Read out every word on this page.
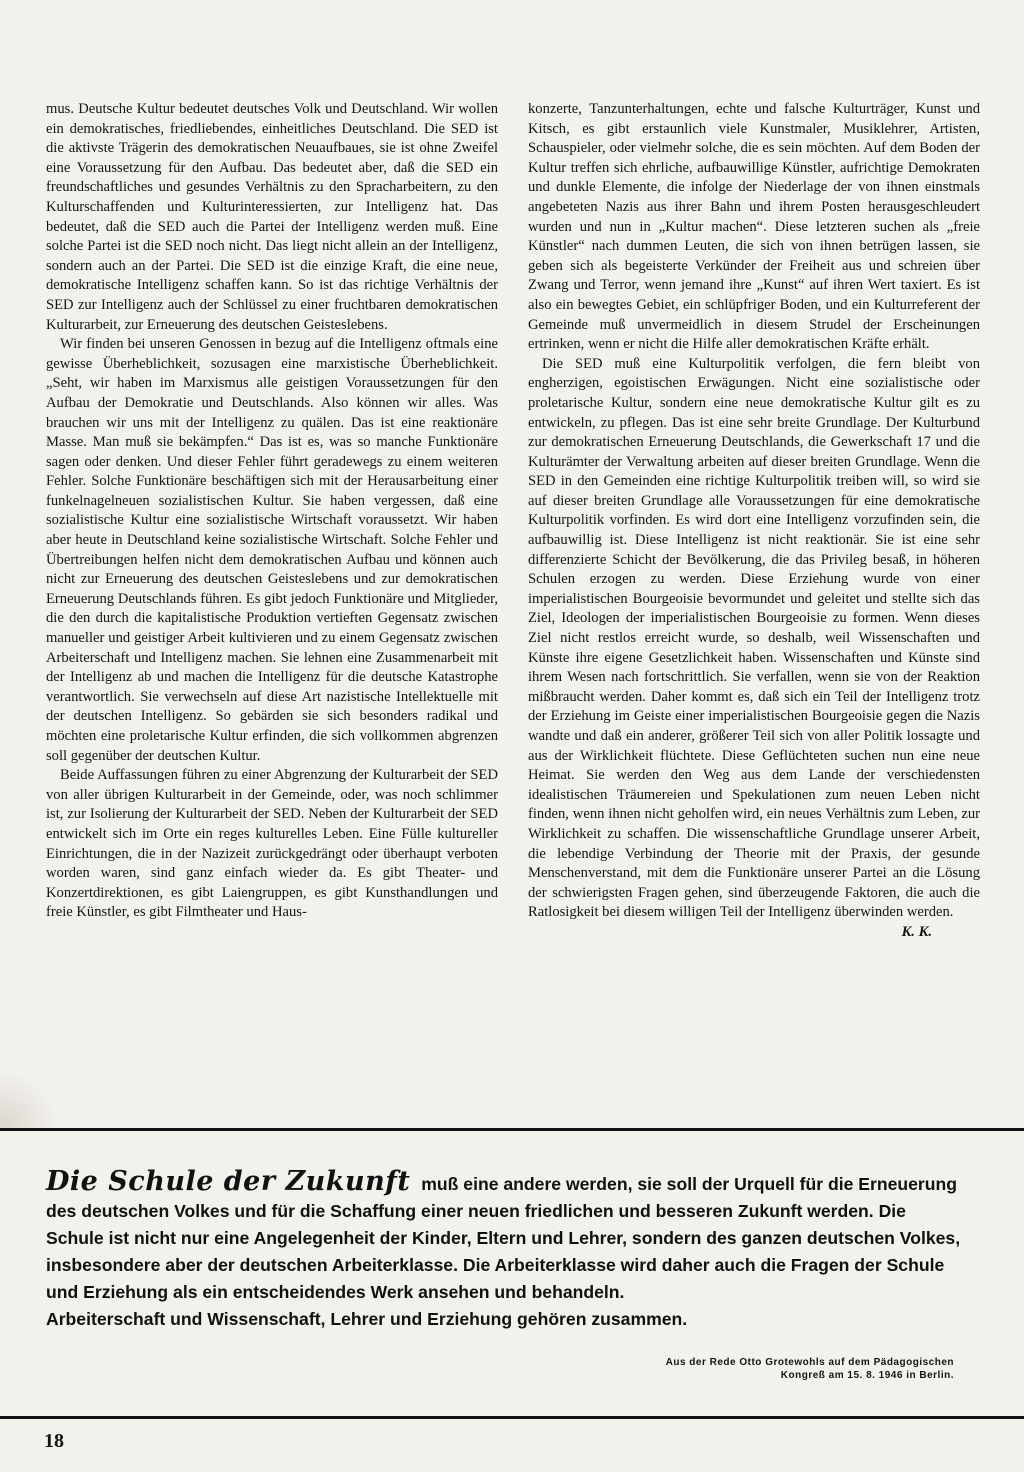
mus. Deutsche Kultur bedeutet deutsches Volk und Deutschland. Wir wollen ein demokratisches, friedliebendes, einheitliches Deutschland. Die SED ist die aktivste Trägerin des demokratischen Neuaufbaues, sie ist ohne Zweifel eine Voraussetzung für den Aufbau. Das bedeutet aber, daß die SED ein freundschaftliches und gesundes Verhältnis zu den Spracharbeitern, zu den Kulturschaffenden und Kulturinteressierten, zur Intelligenz hat. Das bedeutet, daß die SED auch die Partei der Intelligenz werden muß. Eine solche Partei ist die SED noch nicht. Das liegt nicht allein an der Intelligenz, sondern auch an der Partei. Die SED ist die einzige Kraft, die eine neue, demokratische Intelligenz schaffen kann. So ist das richtige Verhältnis der SED zur Intelligenz auch der Schlüssel zu einer fruchtbaren demokratischen Kulturarbeit, zur Erneuerung des deutschen Geisteslebens.

Wir finden bei unseren Genossen in bezug auf die Intelligenz oftmals eine gewisse Überheblichkeit, sozusagen eine marxistische Überheblichkeit. „Seht, wir haben im Marxismus alle geistigen Voraussetzungen für den Aufbau der Demokratie und Deutschlands. Also können wir alles. Was brauchen wir uns mit der Intelligenz zu quälen. Das ist eine reaktionäre Masse. Man muß sie bekämpfen.“ Das ist es, was so manche Funktionäre sagen oder denken. Und dieser Fehler führt geradewegs zu einem weiteren Fehler. Solche Funktionäre beschäftigen sich mit der Herausarbeitung einer funkelnagelneuen sozialistischen Kultur. Sie haben vergessen, daß eine sozialistische Kultur eine sozialistische Wirtschaft voraussetzt. Wir haben aber heute in Deutschland keine sozialistische Wirtschaft. Solche Fehler und Übertreibungen helfen nicht dem demokratischen Aufbau und können auch nicht zur Erneuerung des deutschen Geisteslebens und zur demokratischen Erneuerung Deutschlands führen. Es gibt jedoch Funktionäre und Mitglieder, die den durch die kapitalistische Produktion vertieften Gegensatz zwischen manueller und geistiger Arbeit kultivieren und zu einem Gegensatz zwischen Arbeiterschaft und Intelligenz machen. Sie lehnen eine Zusammenarbeit mit der Intelligenz ab und machen die Intelligenz für die deutsche Katastrophe verantwortlich. Sie verwechseln auf diese Art nazistische Intellektuelle mit der deutschen Intelligenz. So gebärden sie sich besonders radikal und möchten eine proletarische Kultur erfinden, die sich vollkommen abgrenzen soll gegenüber der deutschen Kultur.

Beide Auffassungen führen zu einer Abgrenzung der Kulturarbeit der SED von aller übrigen Kulturarbeit in der Gemeinde, oder, was noch schlimmer ist, zur Isolierung der Kulturarbeit der SED. Neben der Kulturarbeit der SED entwickelt sich im Orte ein reges kulturelles Leben. Eine Fülle kultureller Einrichtungen, die in der Nazizeit zurückgedrängt oder überhaupt verboten worden waren, sind ganz einfach wieder da. Es gibt Theater- und Konzertdirektionen, es gibt Laiengruppen, es gibt Kunsthandlungen und freie Künstler, es gibt Filmtheater und Haus-

konzerte, Tanzunterhaltungen, echte und falsche Kulturträger, Kunst und Kitsch, es gibt erstaunlich viele Kunstmaler, Musiklehrer, Artisten, Schauspieler, oder vielmehr solche, die es sein möchten. Auf dem Boden der Kultur treffen sich ehrliche, aufbauwillige Künstler, aufrichtige Demokraten und dunkle Elemente, die infolge der Niederlage der von ihnen einstmals angebeteten Nazis aus ihrer Bahn und ihrem Posten herausgeschleudert wurden und nun in „Kultur machen“. Diese letzteren suchen als „freie Künstler“ nach dummen Leuten, die sich von ihnen betrügen lassen, sie geben sich als begeisterte Verkünder der Freiheit aus und schreien über Zwang und Terror, wenn jemand ihre „Kunst“ auf ihren Wert taxiert. Es ist also ein bewegtes Gebiet, ein schlüpfriger Boden, und ein Kulturreferent der Gemeinde muß unvermeidlich in diesem Strudel der Erscheinungen ertrinken, wenn er nicht die Hilfe aller demokratischen Kräfte erhält.

Die SED muß eine Kulturpolitik verfolgen, die fern bleibt von engherzigen, egoistischen Erwägungen. Nicht eine sozialistische oder proletarische Kultur, sondern eine neue demokratische Kultur gilt es zu entwickeln, zu pflegen. Das ist eine sehr breite Grundlage. Der Kulturbund zur demokratischen Erneuerung Deutschlands, die Gewerkschaft 17 und die Kulturämter der Verwaltung arbeiten auf dieser breiten Grundlage. Wenn die SED in den Gemeinden eine richtige Kulturpolitik treiben will, so wird sie auf dieser breiten Grundlage alle Voraussetzungen für eine demokratische Kulturpolitik vorfinden. Es wird dort eine Intelligenz vorzufinden sein, die aufbauwillig ist. Diese Intelligenz ist nicht reaktionär. Sie ist eine sehr differenzierte Schicht der Bevölkerung, die das Privileg besaß, in höheren Schulen erzogen zu werden. Diese Erziehung wurde von einer imperialistischen Bourgeoisie bevormundet und geleitet und stellte sich das Ziel, Ideologen der imperialistischen Bourgeoisie zu formen. Wenn dieses Ziel nicht restlos erreicht wurde, so deshalb, weil Wissenschaften und Künste ihre eigene Gesetzlichkeit haben. Wissenschaften und Künste sind ihrem Wesen nach fortschrittlich. Sie verfallen, wenn sie von der Reaktion mißbraucht werden. Daher kommt es, daß sich ein Teil der Intelligenz trotz der Erziehung im Geiste einer imperialistischen Bourgeoisie gegen die Nazis wandte und daß ein anderer, größerer Teil sich von aller Politik lossagte und aus der Wirklichkeit flüchtete. Diese Geflüchteten suchen nun eine neue Heimat. Sie werden den Weg aus dem Lande der verschiedensten idealistischen Träumereien und Spekulationen zum neuen Leben nicht finden, wenn ihnen nicht geholfen wird, ein neues Verhältnis zum Leben, zur Wirklichkeit zu schaffen. Die wissenschaftliche Grundlage unserer Arbeit, die lebendige Verbindung der Theorie mit der Praxis, der gesunde Menschenverstand, mit dem die Funktionäre unserer Partei an die Lösung der schwierigsten Fragen gehen, sind überzeugende Faktoren, die auch die Ratlosigkeit bei diesem willigen Teil der Intelligenz überwinden werden.

K. K.

Die Schule der Zukunft muß eine andere werden, sie soll der Urquell für die Erneuerung des deutschen Volkes und für die Schaffung einer neuen friedlichen und besseren Zukunft werden. Die Schule ist nicht nur eine Angelegenheit der Kinder, Eltern und Lehrer, sondern des ganzen deutschen Volkes, insbesondere aber der deutschen Arbeiterklasse. Die Arbeiterklasse wird daher auch die Fragen der Schule und Erziehung als ein entscheidendes Werk ansehen und behandeln.
Arbeiterschaft und Wissenschaft, Lehrer und Erziehung gehören zusammen.
Aus der Rede Otto Grotewohls auf dem Pädagogischen Kongreß am 15. 8. 1946 in Berlin.
18
